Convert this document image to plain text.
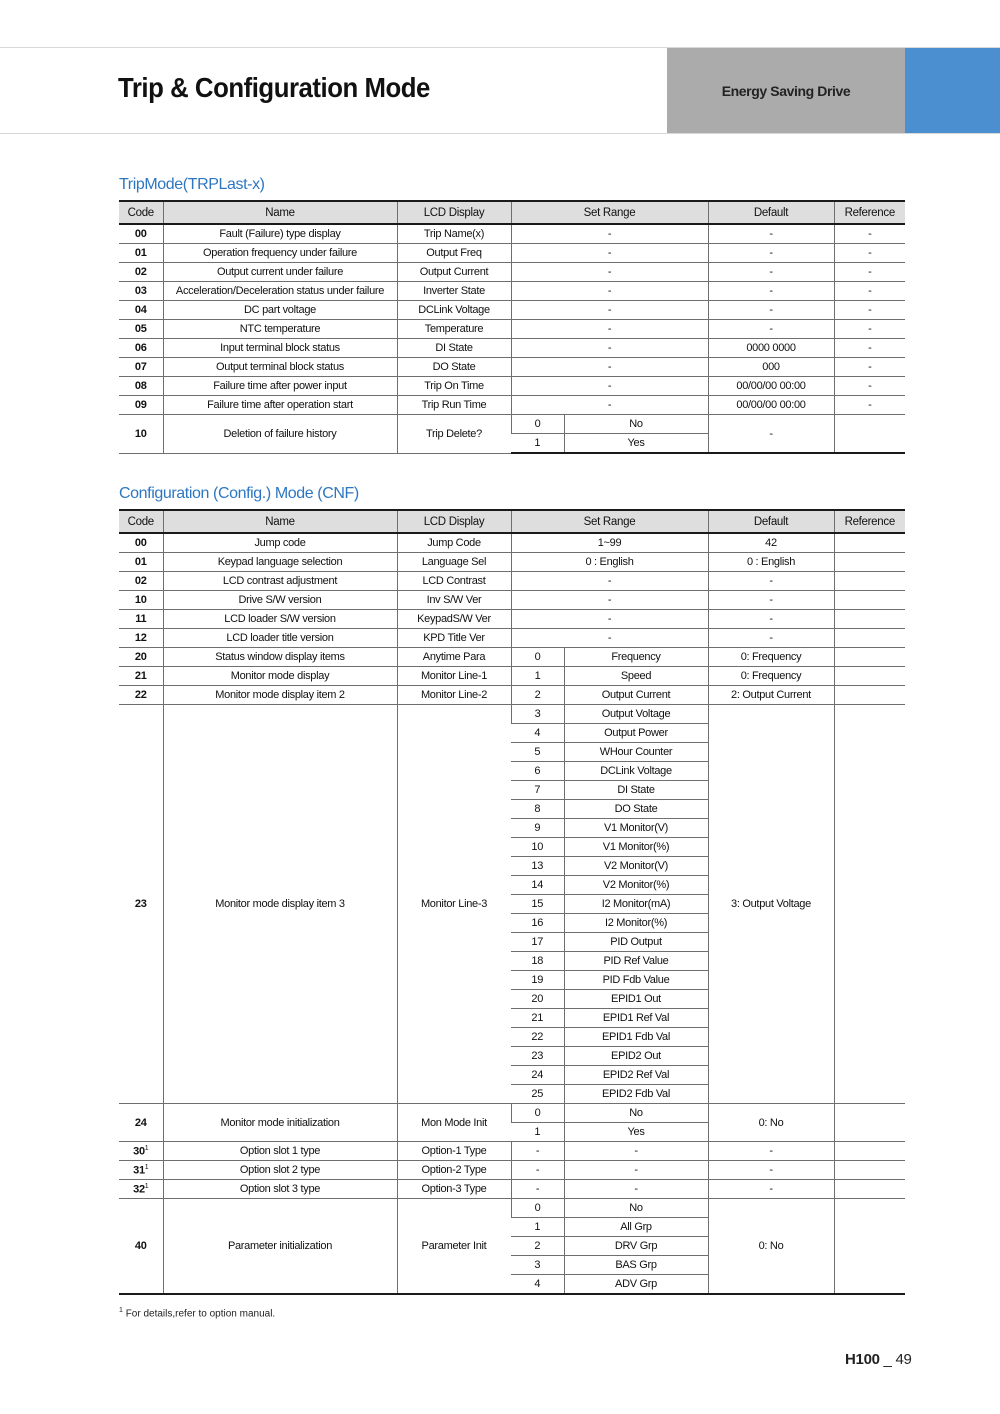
Trip & Configuration Mode	Energy Saving Drive
TripMode(TRPLast-x)
Code	Name	LCD Display	Set Range		Default	Reference
00	Fault (Failure) type display	Trip Name(x)	-		-	-
01	Operation frequency under failure	Output Freq	-		-	-
02	Output current under failure	Output Current	-		-	-
03	Acceleration/Deceleration status under failure	Inverter State	-		-	-
04	DC part voltage	DCLink Voltage	-		-	-
05	NTC temperature	Temperature	-		-	-
06	Input terminal block status	DI State	-		0000 0000	-
07	Output terminal block status	DO State	-		000	-
08	Failure time after power input	Trip On Time	-		00/00/00 00:00	-
09	Failure time after operation start	Trip Run Time	-		00/00/00 00:00	-
10	Deletion of failure history	Trip Delete?	0	No	-	
			1	Yes		
Configuration (Config.) Mode (CNF)
Code	Name	LCD Display	Set Range		Default	Reference
00	Jump code	Jump Code	1~99		42	
01	Keypad language selection	Language Sel	0 : English		0 : English	
02	LCD contrast adjustment	LCD Contrast	-		-	
10	Drive S/W version	Inv S/W Ver	-		-	
11	LCD loader S/W version	KeypadS/W Ver	-		-	
12	LCD loader title version	KPD Title Ver	-		-	
20	Status window display items	Anytime Para	0	Frequency	0: Frequency	
21	Monitor mode display	Monitor Line-1	1	Speed	0: Frequency	
22	Monitor mode display item 2	Monitor Line-2	2	Output Current	2: Output Current	
23	Monitor mode display item 3	Monitor Line-3	3	Output Voltage	3: Output Voltage	
			4	Output Power		
			5	WHour Counter		
			6	DCLink Voltage		
			7	DI State		
			8	DO State		
			9	V1 Monitor(V)		
			10	V1 Monitor(%)		
			13	V2 Monitor(V)		
			14	V2 Monitor(%)		
			15	I2 Monitor(mA)		
			16	I2 Monitor(%)		
			17	PID Output		
			18	PID Ref Value		
			19	PID Fdb Value		
			20	EPID1 Out		
			21	EPID1 Ref Val		
			22	EPID1 Fdb Val		
			23	EPID2 Out		
			24	EPID2 Ref Val		
			25	EPID2 Fdb Val		
24	Monitor mode initialization	Mon Mode Init	0	No	0: No	
			1	Yes		
$30^1$	Option slot 1 type	Option-1 Type	-	-	-	
$31^1$	Option slot 2 type	Option-2 Type	-	-	-	
$32^1$	Option slot 3 type	Option-3 Type	-	-	-	
40	Parameter initialization	Parameter Init	0	No	0: No	
			1	All Grp		
			2	DRV Grp		
			3	BAS Grp		
			4	ADV Grp		
$^1$ For details,refer to option manual.
H100 _ 49
